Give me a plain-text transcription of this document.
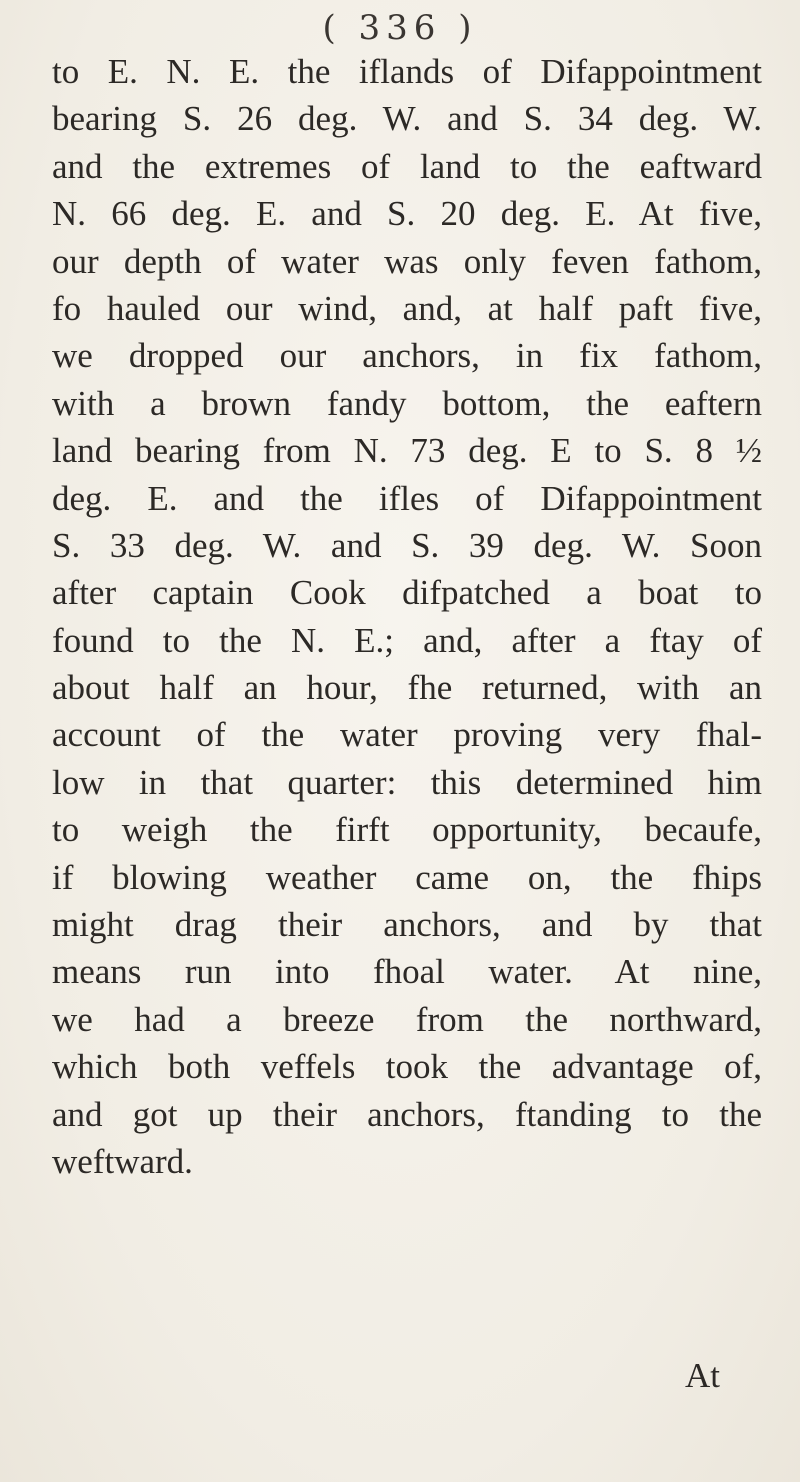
( 336 )
to E. N. E. the iflands of Difappointment
bearing S. 26 deg. W. and S. 34 deg. W.
and the extremes of land to the eaftward
N. 66 deg. E. and S. 20 deg. E. At five,
our depth of water was only feven fathom,
fo hauled our wind, and, at half paft five,
we dropped our anchors, in fix fathom,
with a brown fandy bottom, the eaftern
land bearing from N. 73 deg. E to S. 8 ½
deg. E. and the ifles of Difappointment
S. 33 deg. W. and S. 39 deg. W. Soon
after captain Cook difpatched a boat to
found to the N. E.; and, after a ftay of
about half an hour, fhe returned, with an
account of the water proving very fhal-
low in that quarter: this determined him
to weigh the firft opportunity, becaufe,
if blowing weather came on, the fhips
might drag their anchors, and by that
means run into fhoal water. At nine,
we had a breeze from the northward,
which both veffels took the advantage of,
and got up their anchors, ftanding to the
weftward.
At
